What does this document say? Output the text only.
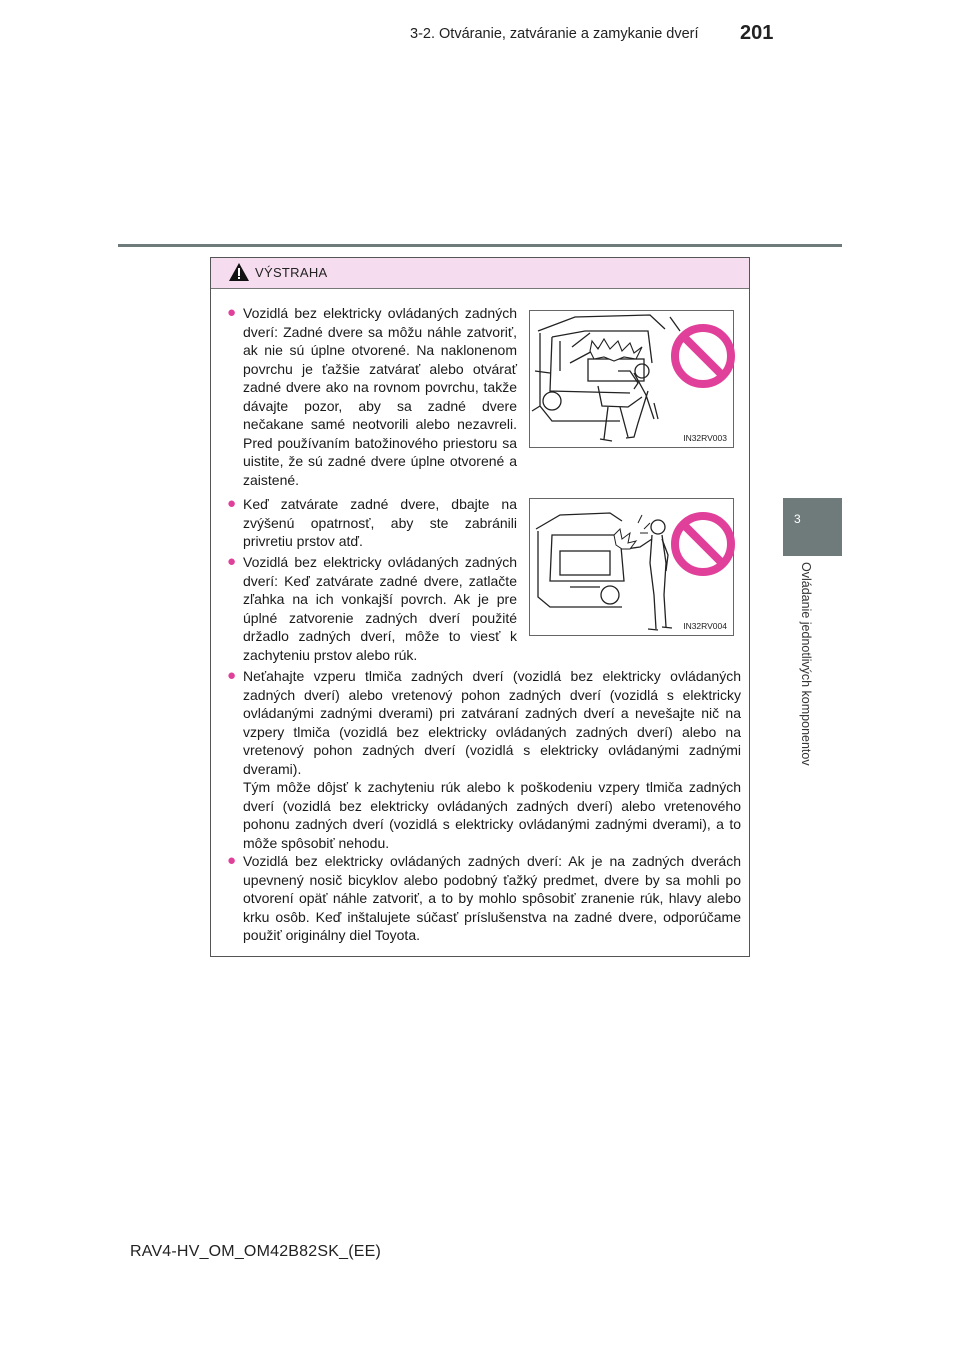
3-2. Otváranie, zatváranie a zamykanie dverí 201
3
Ovládanie jednotlivých komponentov
VÝSTRAHA
● Vozidlá bez elektricky ovládaných zadných dverí: Zadné dvere sa môžu náhle zatvoriť, ak nie sú úplne otvorené. Na naklonenom povrchu je ťažšie zatvárať alebo otvárať zadné dvere ako na rovnom povrchu, takže dávajte pozor, aby sa zadné dvere nečakane samé neotvorili alebo nezavreli. Pred používaním batožinového priestoru sa uistite, že sú zadné dvere úplne otvorené a zaistené.

IN32RV003
● Keď zatvárate zadné dvere, dbajte na zvýšenú opatrnosť, aby ste zabránili privretiu prstov atď.

● Vozidlá bez elektricky ovládaných zadných dverí: Keď zatvárate zadné dvere, zatlačte zľahka na ich vonkajší povrch. Ak je pre úplné zatvorenie zadných dverí použité držadlo zadných dverí, môže to viesť k zachyteniu prstov alebo rúk.

IN32RV004
● Neťahajte vzperu tlmiča zadných dverí (vozidlá bez elektricky ovládaných zadných dverí) alebo vretenový pohon zadných dverí (vozidlá s elektricky ovládanými zadnými dverami) pri zatváraní zadných dverí a nevešajte nič na vzpery tlmiča (vozidlá bez elektricky ovládaných zadných dverí) alebo na vretenový pohon zadných dverí (vozidlá s elektricky ovládanými zadnými dverami).

Tým môže dôjsť k zachyteniu rúk alebo k poškodeniu vzpery tlmiča zadných dverí (vozidlá bez elektricky ovládaných zadných dverí) alebo vretenového pohonu zadných dverí (vozidlá s elektricky ovládanými zadnými dverami), a to môže spôsobiť nehodu.

● Vozidlá bez elektricky ovládaných zadných dverí: Ak je na zadných dverách upevnený nosič bicyklov alebo podobný ťažký predmet, dvere by sa mohli po otvorení opäť náhle zatvoriť, a to by mohlo spôsobiť zranenie rúk, hlavy alebo krku osôb. Keď inštalujete súčasť príslušenstva na zadné dvere, odporúčame použiť originálny diel Toyota.

RAV4-HV_OM_OM42B82SK_(EE)
